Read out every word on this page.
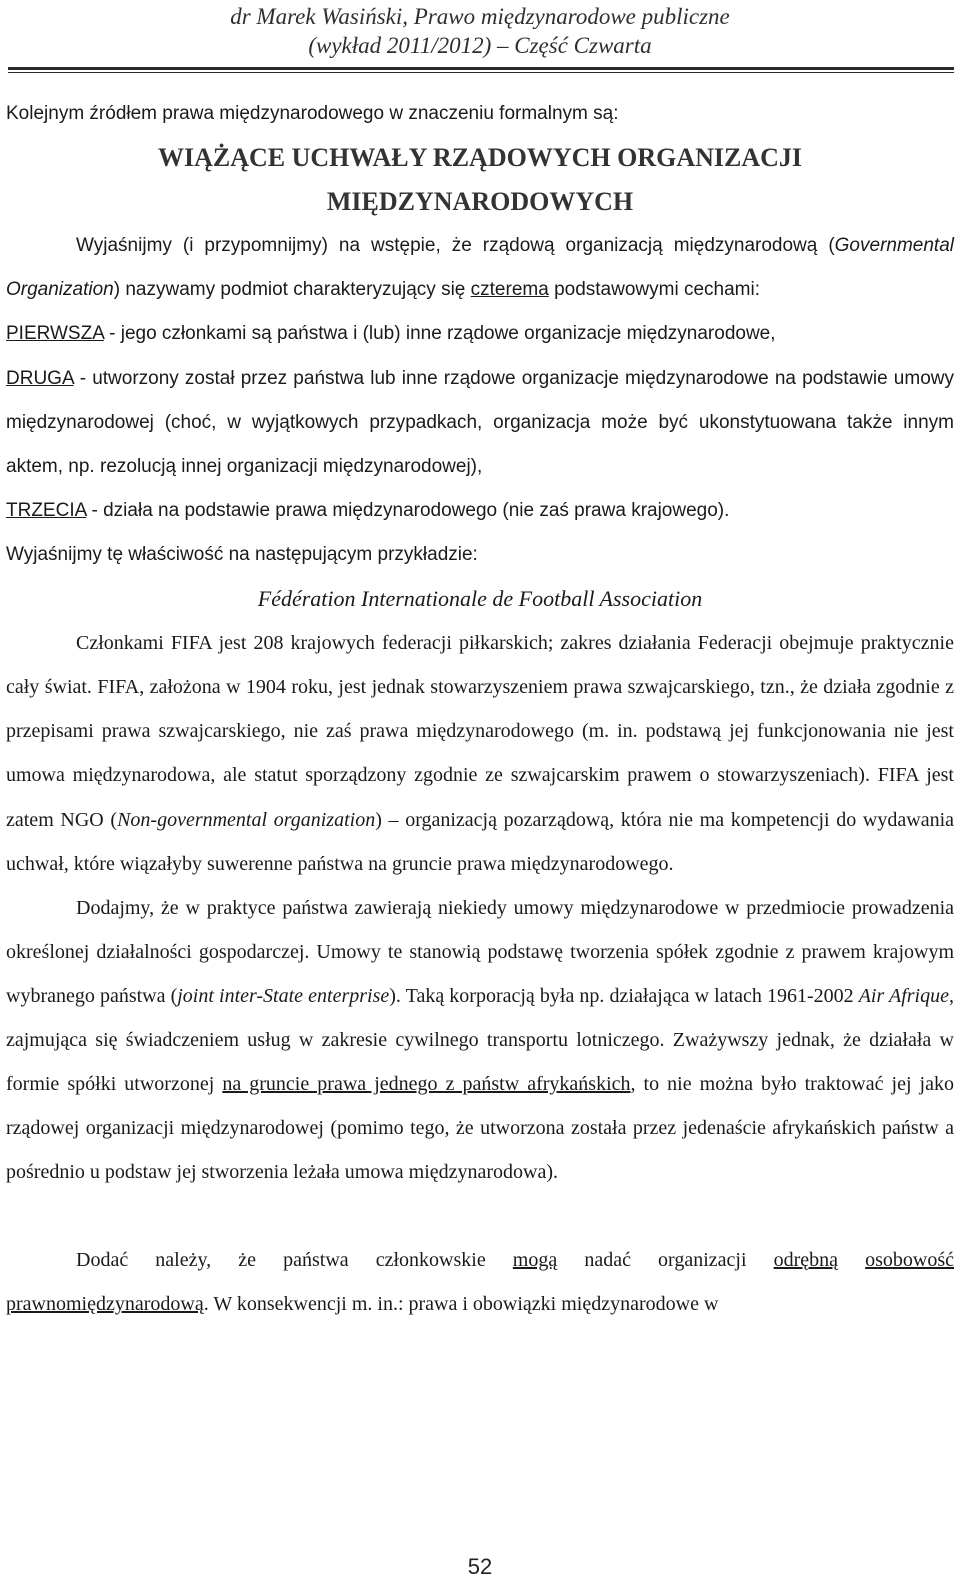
dr Marek Wasiński, Prawo międzynarodowe publiczne
(wykład 2011/2012) – Część Czwarta

Kolejnym źródłem prawa międzynarodowego w znaczeniu formalnym są:

WIĄŻĄCE UCHWAŁY RZĄDOWYCH ORGANIZACJI
MIĘDZYNARODOWYCH

Wyjaśnijmy (i przypomnijmy) na wstępie, że rządową organizacją międzynarodową (Governmental Organization) nazywamy podmiot charakteryzujący się czterema podstawowymi cechami:

PIERWSZA - jego członkami są państwa i (lub) inne rządowe organizacje międzynarodowe,

DRUGA - utworzony został przez państwa lub inne rządowe organizacje międzynarodowe na podstawie umowy międzynarodowej (choć, w wyjątkowych przypadkach, organizacja może być ukonstytuowana także innym aktem, np. rezolucją innej organizacji międzynarodowej),

TRZECIA - działa na podstawie prawa międzynarodowego (nie zaś prawa krajowego).

Wyjaśnijmy tę właściwość na następującym przykładzie:

Fédération Internationale de Football Association

Członkami FIFA jest 208 krajowych federacji piłkarskich; zakres działania Federacji obejmuje praktycznie cały świat. FIFA, założona w 1904 roku, jest jednak stowarzyszeniem prawa szwajcarskiego, tzn., że działa zgodnie z przepisami prawa szwajcarskiego, nie zaś prawa międzynarodowego (m. in. podstawą jej funkcjonowania nie jest umowa międzynarodowa, ale statut sporządzony zgodnie ze szwajcarskim prawem o stowarzyszeniach). FIFA jest zatem NGO (Non-governmental organization) – organizacją pozarządową, która nie ma kompetencji do wydawania uchwał, które wiązałyby suwerenne państwa na gruncie prawa międzynarodowego.

Dodajmy, że w praktyce państwa zawierają niekiedy umowy międzynarodowe w przedmiocie prowadzenia określonej działalności gospodarczej. Umowy te stanowią podstawę tworzenia spółek zgodnie z prawem krajowym wybranego państwa (joint inter-State enterprise). Taką korporacją była np. działająca w latach 1961-2002 Air Afrique, zajmująca się świadczeniem usług w zakresie cywilnego transportu lotniczego. Zważywszy jednak, że działała w formie spółki utworzonej na gruncie prawa jednego z państw afrykańskich, to nie można było traktować jej jako rządowej organizacji międzynarodowej (pomimo tego, że utworzona została przez jedenaście afrykańskich państw a pośrednio u podstaw jej stworzenia leżała umowa międzynarodowa).

Dodać należy, że państwa członkowskie mogą nadać organizacji odrębną osobowość prawnomiędzynarodową. W konsekwencji m. in.: prawa i obowiązki międzynarodowe w

52
